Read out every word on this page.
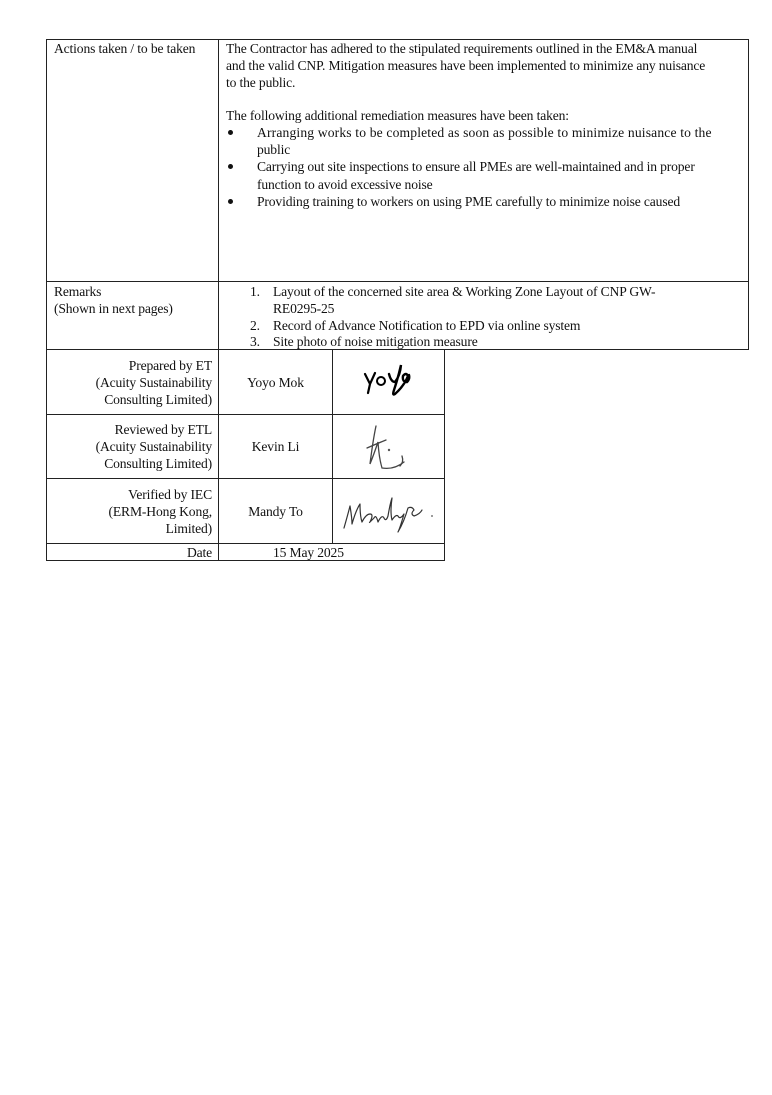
Actions taken / to be taken The Contractor has adhered to the stipulated requirements outlined in the EM&A manual
and the valid CNP. Mitigation measures have been implemented to minimize any nuisance
to the public.
The following additional remediation measures have been taken:
Arranging works to be completed as soon as possible to minimize nuisance to the
public
Carrying out site inspections to ensure all PMEs are well-maintained and in proper
function to avoid excessive noise
Providing training to workers on using PME carefully to minimize noise caused
Remarks
(Shown in next pages)
1. Layout of the concerned site area & Working Zone Layout of CNP GW-
RE0295-25
2. Record of Advance Notification to EPD via online system
3. Site photo of noise mitigation measure
Prepared by ET
(Acuity Sustainability
Consulting Limited)
Yoyo Mok
Reviewed by ETL
(Acuity Sustainability
Consulting Limited)
Kevin Li
Verified by IEC
(ERM-Hong Kong,
Limited)
Mandy To
Date	15 May 2025
